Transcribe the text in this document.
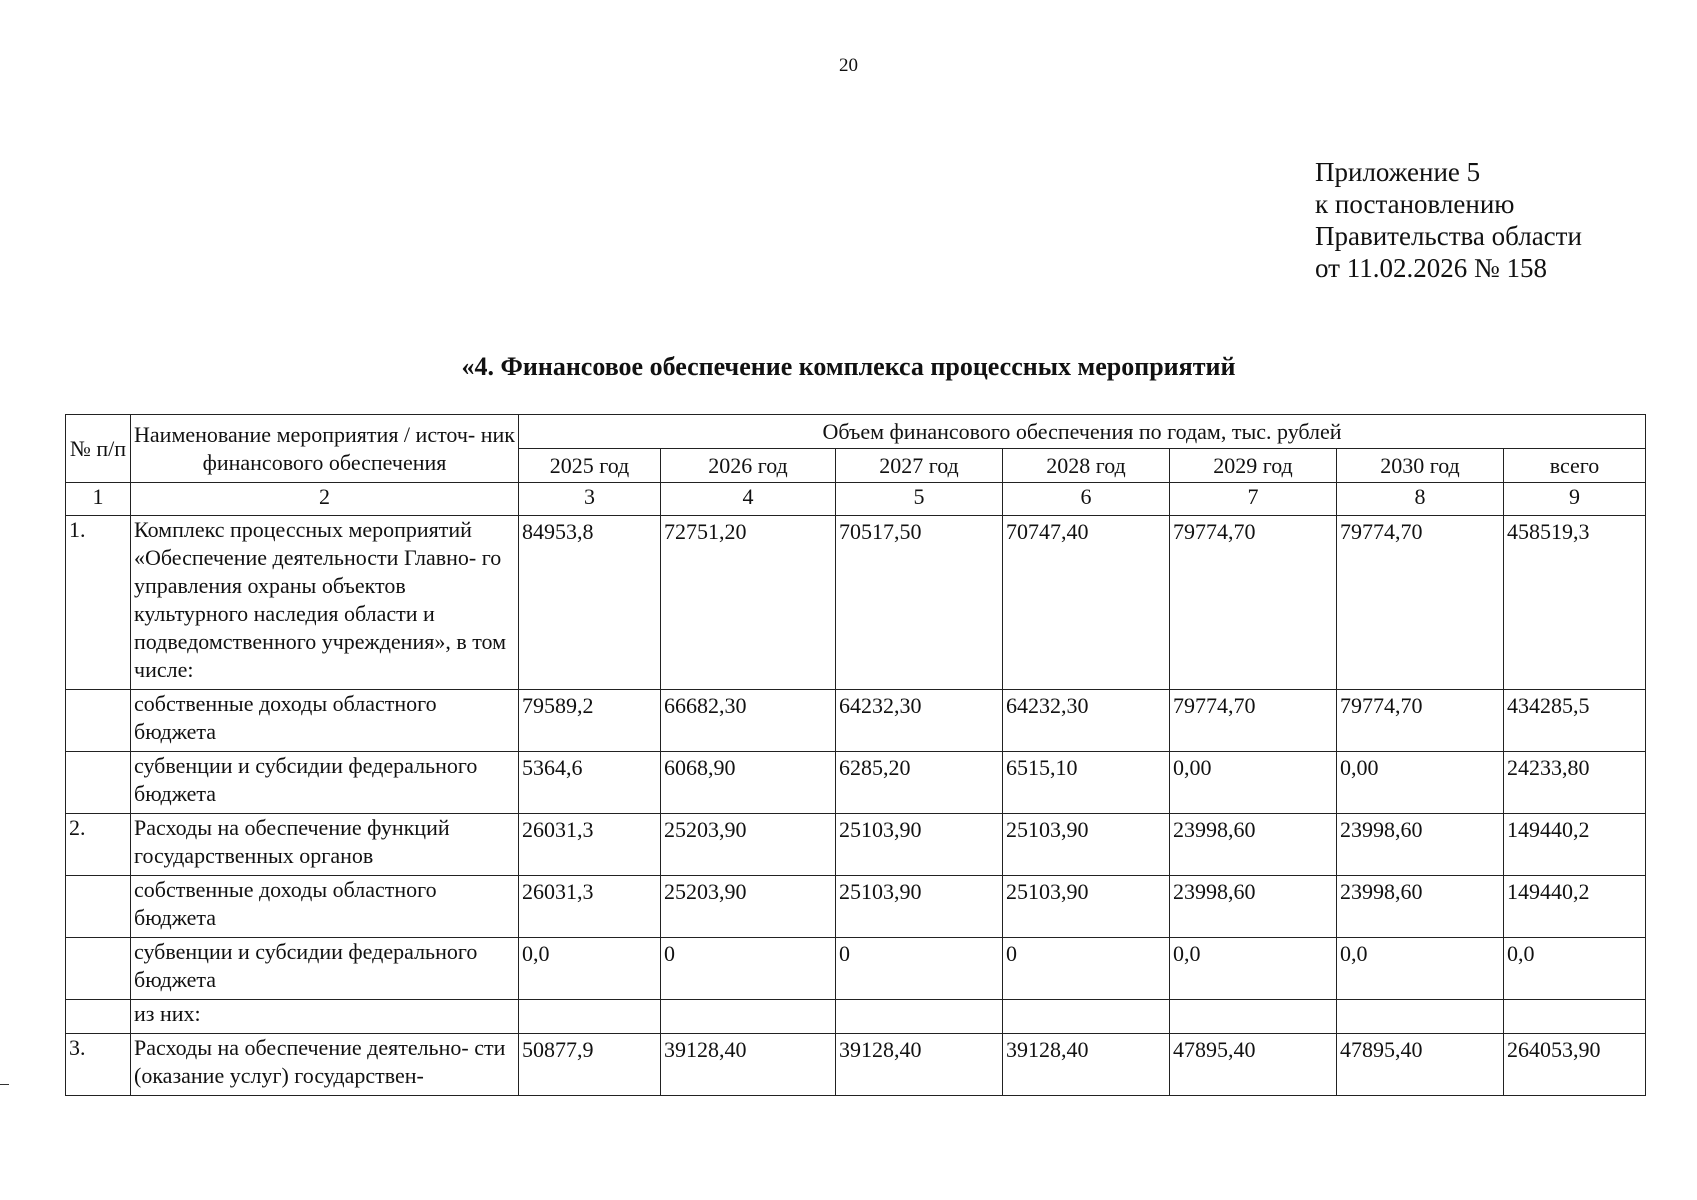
20
Приложение 5
к постановлению
Правительства области
от 11.02.2026 № 158
«4. Финансовое обеспечение комплекса процессных мероприятий
№ п/п	Наименование мероприятия / источ- ник финансового обеспечения	Объем финансового обеспечения по годам, тыс. рублей						
		2025 год	2026 год	2027 год	2028 год	2029 год	2030 год	всего
1	2	3	4	5	6	7	8	9
1.	Комплекс процессных мероприятий «Обеспечение деятельности Главно- го управления охраны объектов культурного наследия области и подведомственного учреждения», в том числе:	84953,8	72751,20	70517,50	70747,40	79774,70	79774,70	458519,3
	собственные доходы областного бюджета	79589,2	66682,30	64232,30	64232,30	79774,70	79774,70	434285,5
	субвенции и субсидии федерального бюджета	5364,6	6068,90	6285,20	6515,10	0,00	0,00	24233,80
2.	Расходы на обеспечение функций государственных органов	26031,3	25203,90	25103,90	25103,90	23998,60	23998,60	149440,2
	собственные доходы областного бюджета	26031,3	25203,90	25103,90	25103,90	23998,60	23998,60	149440,2
	субвенции и субсидии федерального бюджета	0,0	0	0	0	0,0	0,0	0,0
	из них:							
3.	Расходы на обеспечение деятельно- сти (оказание услуг) государствен-	50877,9	39128,40	39128,40	39128,40	47895,40	47895,40	264053,90
